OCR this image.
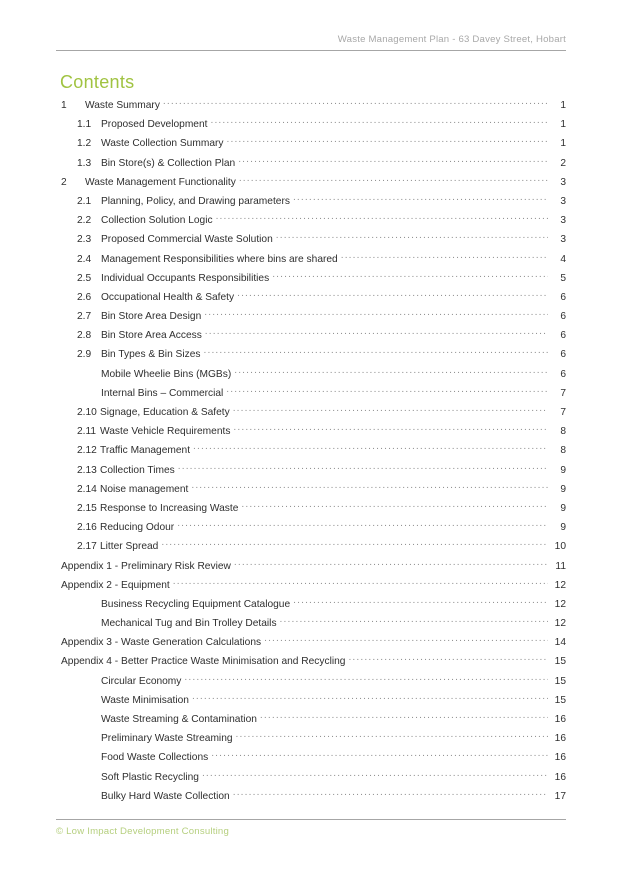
Waste Management Plan - 63 Davey Street, Hobart
Contents
1	Waste Summary .....	1
1.1 Proposed Development .....	1
1.2 Waste Collection Summary .....	1
1.3 Bin Store(s) & Collection Plan .....	2
2	Waste Management Functionality .....	3
2.1 Planning, Policy, and Drawing parameters .....	3
2.2 Collection Solution Logic .....	3
2.3 Proposed Commercial Waste Solution .....	3
2.4 Management Responsibilities where bins are shared .....	4
2.5 Individual Occupants Responsibilities .....	5
2.6 Occupational Health & Safety .....	6
2.7 Bin Store Area Design .....	6
2.8 Bin Store Area Access .....	6
2.9 Bin Types & Bin Sizes .....	6
Mobile Wheelie Bins (MGBs) .....	6
Internal Bins – Commercial .....	7
2.10 Signage, Education & Safety .....	7
2.11 Waste Vehicle Requirements .....	8
2.12 Traffic Management .....	8
2.13 Collection Times .....	9
2.14 Noise management .....	9
2.15 Response to Increasing Waste .....	9
2.16 Reducing Odour .....	9
2.17 Litter Spread .....	10
Appendix 1 - Preliminary Risk Review .....	11
Appendix 2 - Equipment .....	12
Business Recycling Equipment Catalogue .....	12
Mechanical Tug and Bin Trolley Details .....	12
Appendix 3 - Waste Generation Calculations .....	14
Appendix 4 - Better Practice Waste Minimisation and Recycling .....	15
Circular Economy .....	15
Waste Minimisation .....	15
Waste Streaming & Contamination .....	16
Preliminary Waste Streaming .....	16
Food Waste Collections .....	16
Soft Plastic Recycling .....	16
Bulky Hard Waste Collection .....	17
© Low Impact Development Consulting
